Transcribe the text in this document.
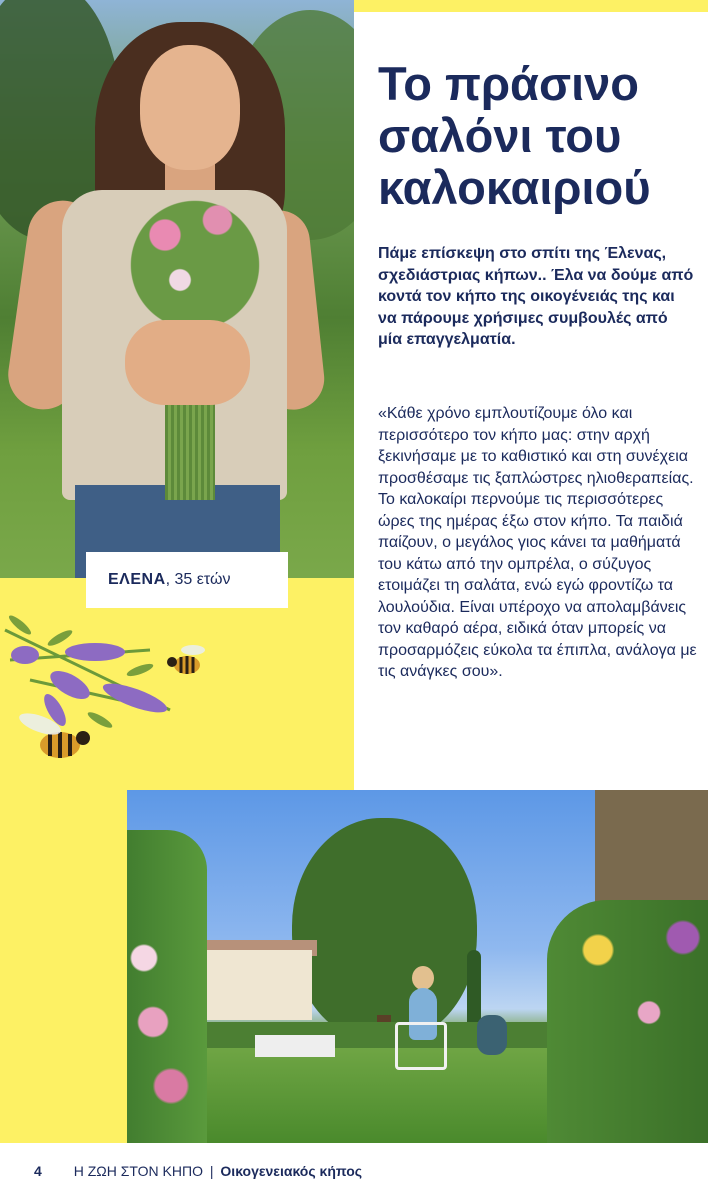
ΕΛΕΝΑ , 35 ετών
Το πράσινο σαλόνι του καλοκαιριού

Πάμε επίσκεψη στο σπίτι της Έλενας, σχεδιάστριας κήπων.. Έλα να δούμε από κοντά τον κήπο της οικογένειάς της και να πάρουμε χρήσιμες συμβουλές από μία επαγγελματία.

«Κάθε χρόνο εμπλουτίζουμε όλο και περισσότερο τον κήπο μας: στην αρχή ξεκινήσαμε με το καθιστικό και στη συνέχεια προσθέσαμε τις ξαπλώστρες ηλιοθεραπείας. Το καλοκαίρι περνούμε τις περισσότερες ώρες της ημέρας έξω στον κήπο. Τα παιδιά παίζουν, ο μεγάλος γιος κάνει τα μαθήματά του κάτω από την ομπρέλα, ο σύζυγος ετοιμάζει τη σαλάτα, ενώ εγώ φροντίζω τα λουλούδια. Είναι υπέροχο να απολαμβάνεις τον καθαρό αέρα, ειδικά όταν μπορείς να προσαρμόζεις εύκολα τα έπιπλα, ανάλογα με τις ανάγκες σου».

4 Η ΖΩΗ ΣΤΟΝ ΚΗΠΟ | Οικογενειακός κήπος
